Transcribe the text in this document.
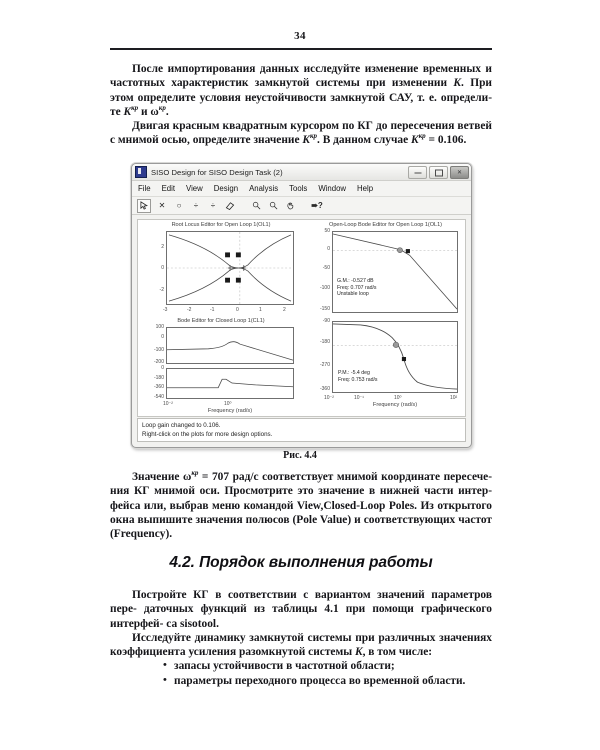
34

После импортирования данных исследуйте изменение временных и частотных характеристик замкнутой системы при изменении K. При этом определите условия неустойчивости замкнутой САУ, т. е. определи- те $K^{кр}$ и $\omega^{кр}$.

Двигая красным квадратным курсором по КГ до пересечения ветвей с мнимой осью, определите значение $K^{кр}$. В данном случае $K^{кр} = 0.106$.

SISO Design for SISO Design Task (2)	✕
File Edit View Design Analysis Tools Window Help
✕	○	÷	÷	➠?
Root Locus Editor for Open Loop 1(OL1)
2
0
-2
-3	-2	-1	0	1	2
Bode Editor for Closed Loop 1(CL1)
100
0
-100
-200
0
-180
-360
-540
10⁻²	10⁰
Frequency (rad/s)
Open-Loop Bode Editor for Open Loop 1(OL1)
50
0
-50
-100
-150
G.M.: -0.527 dB
Freq: 0.707 rad/s
Unstable loop
-90
-180
-270
-360
P.M.: -5.4 deg
Freq: 0.753 rad/s
10⁻²	10⁻¹	10⁰	10²
Frequency (rad/s)
Loop gain changed to 0.106.
Right-click on the plots for more design options.
Рис. 4.4

Значение $\omega^{кр} = 707$ рад/с соответствует мнимой координате пересече- ния КГ мнимой оси. Просмотрите это значение в нижней части интер- фейса или, выбрав меню командой View,Closed-Loop Poles. Из открытого окна выпишите значения полюсов (Pole Value) и соответствующих частот (Frequency).

4.2. Порядок выполнения работы

Постройте КГ в соответствии с вариантом значений параметров пере- даточных функций из таблицы 4.1 при помощи графического интерфей- са sisotool.

Исследуйте динамику замкнутой системы при различных значениях коэффициента усиления разомкнутой системы K, в том числе:

• запасы устойчивости в частотной области;
• параметры переходного процесса во временной области.
